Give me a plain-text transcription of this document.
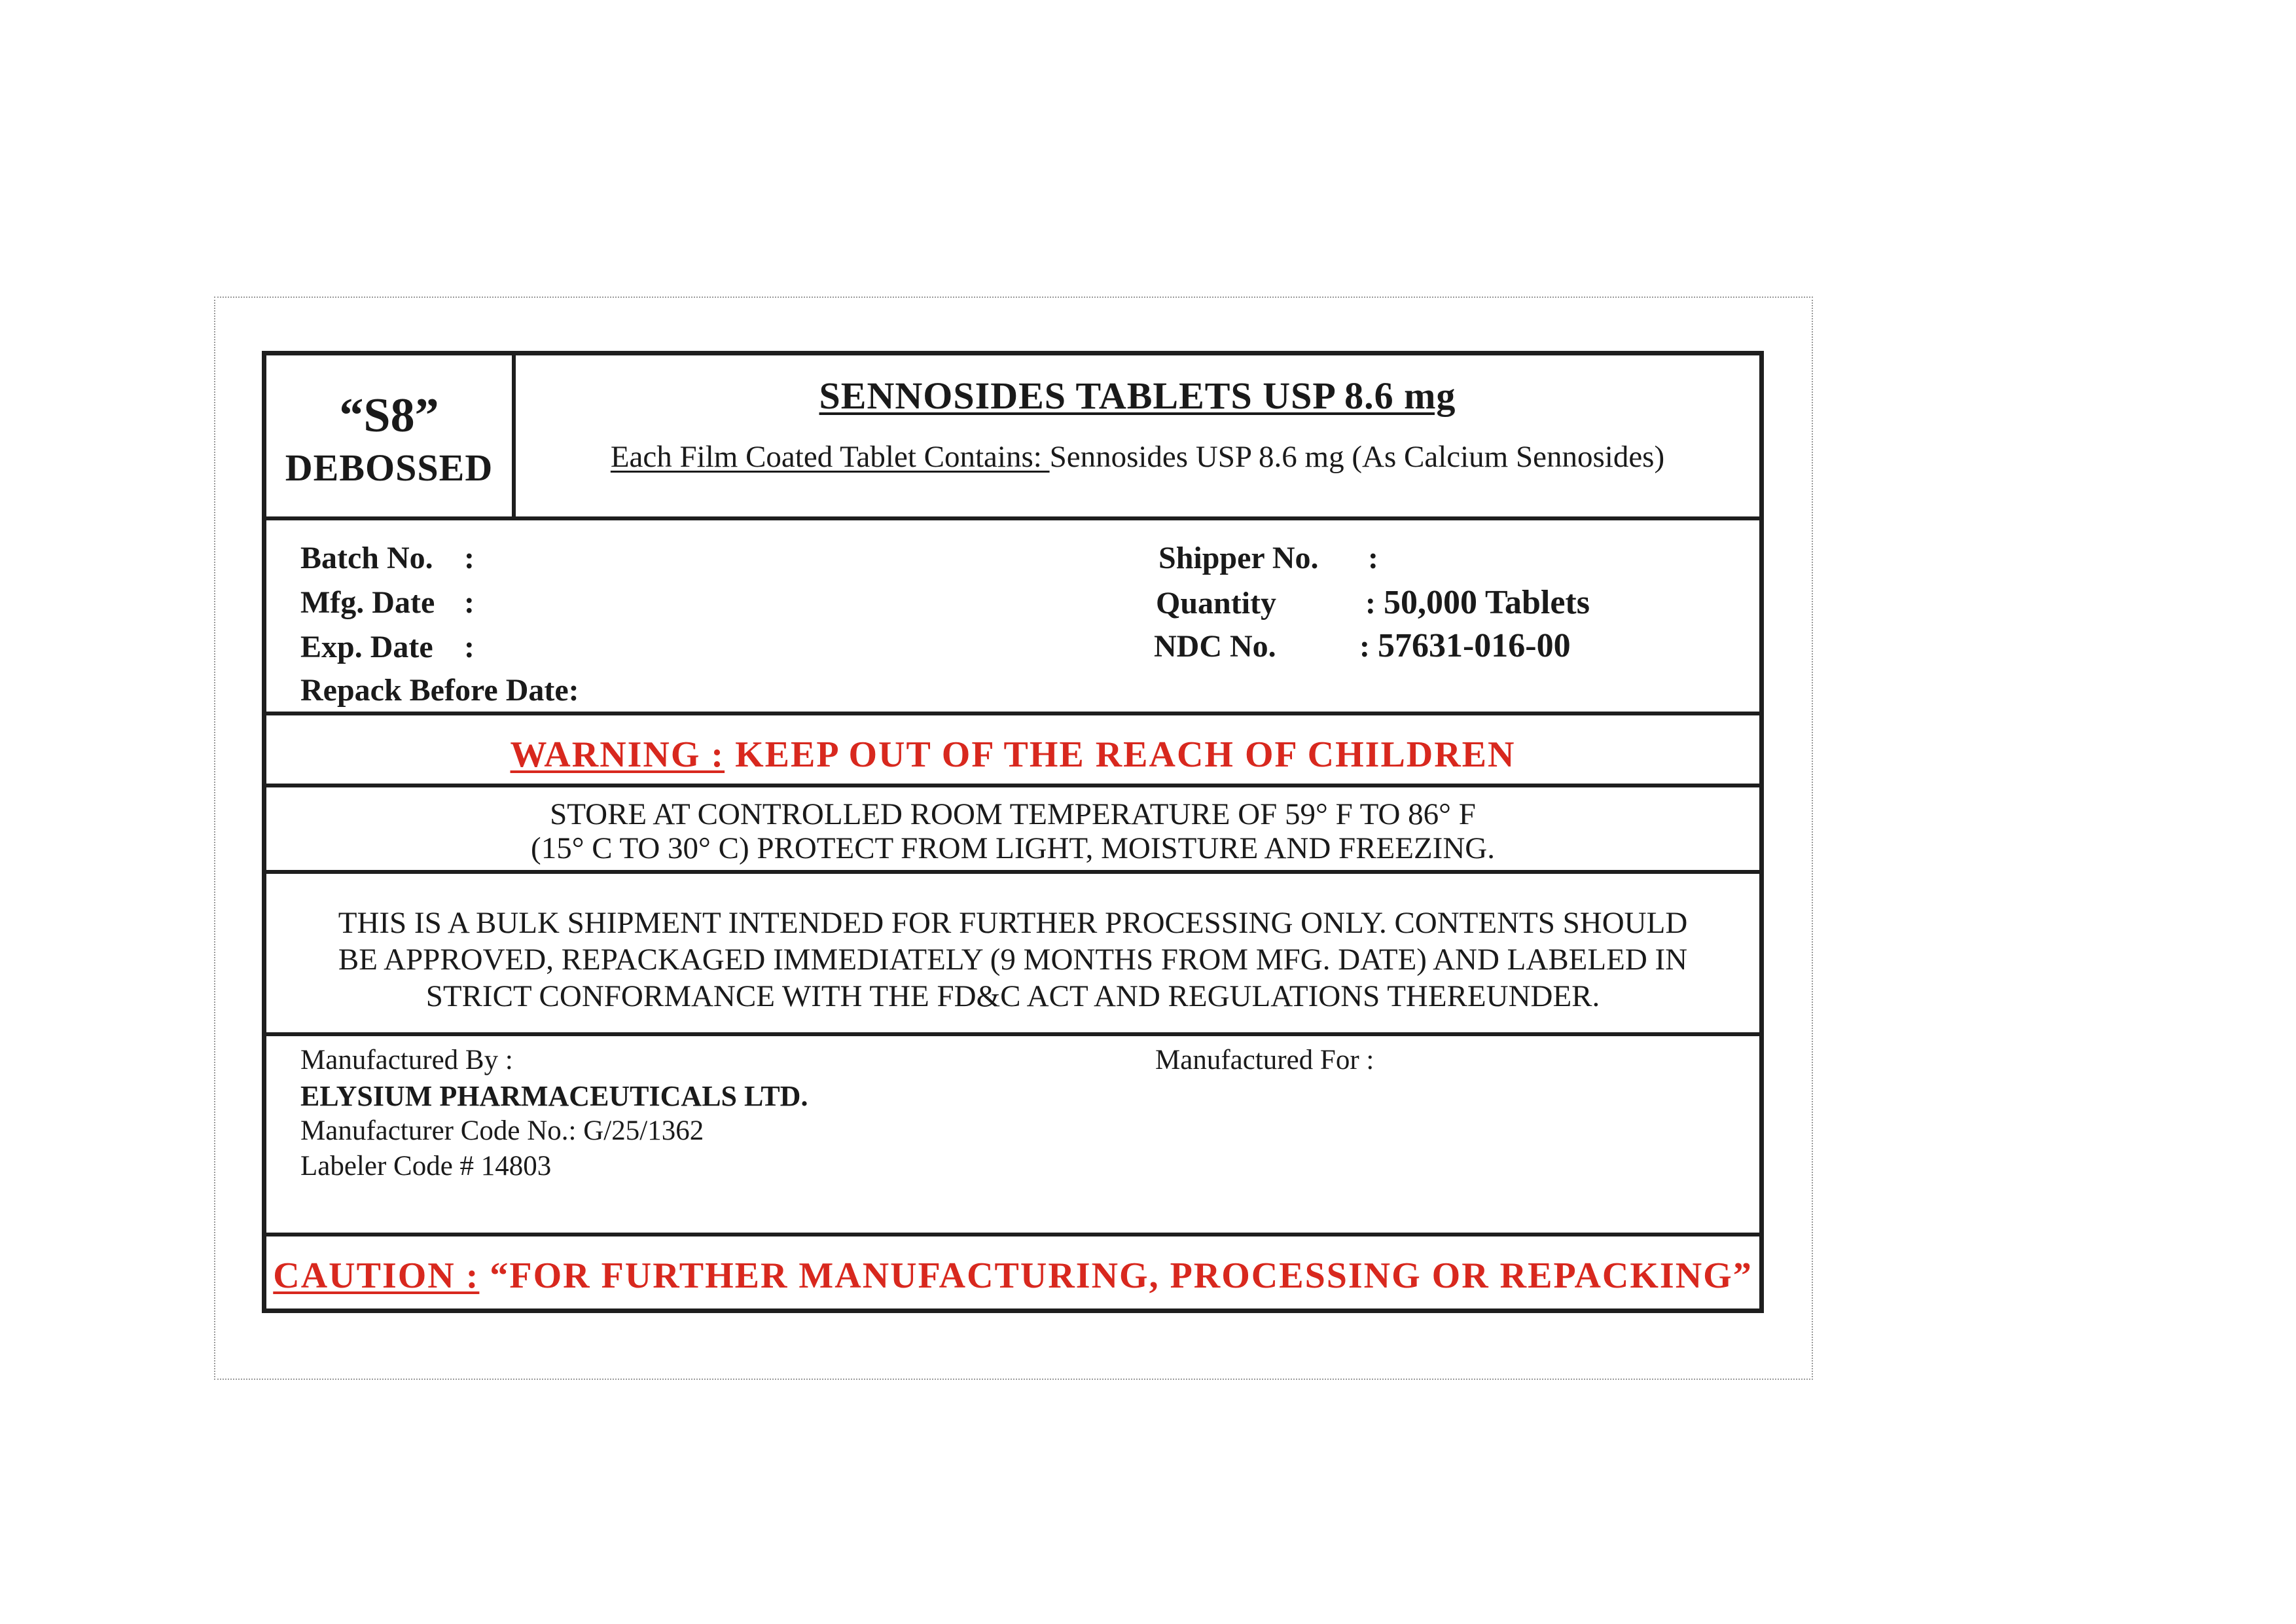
“S8”
DEBOSSED
SENNOSIDES TABLETS USP 8.6 mg
Each Film Coated Tablet Contains: Sennosides USP 8.6 mg (As Calcium Sennosides)
Batch No. :
Mfg. Date :
Exp. Date :
Repack Before Date:
Shipper No. :
Quantity	: 50,000 Tablets
NDC No.	: 57631-016-00
WARNING : KEEP OUT OF THE REACH OF CHILDREN
STORE AT CONTROLLED ROOM TEMPERATURE OF 59° F TO 86° F
(15° C TO 30° C) PROTECT FROM LIGHT, MOISTURE AND FREEZING.
THIS IS A BULK SHIPMENT INTENDED FOR FURTHER PROCESSING ONLY. CONTENTS SHOULD
BE APPROVED, REPACKAGED IMMEDIATELY (9 MONTHS FROM MFG. DATE) AND LABELED IN
STRICT CONFORMANCE WITH THE FD&C ACT AND REGULATIONS THEREUNDER.
Manufactured By :
ELYSIUM PHARMACEUTICALS LTD.
Manufacturer Code No.: G/25/1362
Labeler Code # 14803
Manufactured For :
CAUTION : “FOR FURTHER MANUFACTURING, PROCESSING OR REPACKING”
